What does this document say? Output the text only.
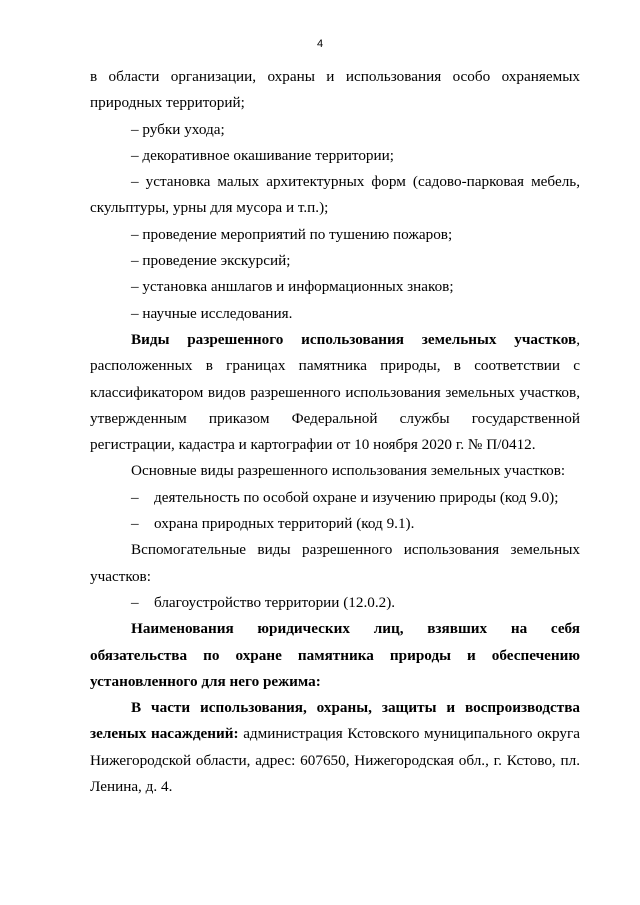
4

в области организации, охраны и использования особо охраняемых природных территорий;

– рубки ухода;

– декоративное окашивание территории;

– установка малых архитектурных форм (садово-парковая мебель, скульптуры, урны для мусора и т.п.);

– проведение мероприятий по тушению пожаров;

– проведение экскурсий;

– установка аншлагов и информационных знаков;

– научные исследования.

Виды разрешенного использования земельных участков, расположенных в границах памятника природы, в соответствии с классификатором видов разрешенного использования земельных участков, утвержденным приказом Федеральной службы государственной регистрации, кадастра и картографии от 10 ноября 2020 г. № П/0412.

Основные виды разрешенного использования земельных участков:

– деятельность по особой охране и изучению природы (код 9.0);

– охрана природных территорий (код 9.1).

Вспомогательные виды разрешенного использования земельных участков:

– благоустройство территории (12.0.2).

Наименования юридических лиц, взявших на себя обязательства по охране памятника природы и обеспечению установленного для него режима:

В части использования, охраны, защиты и воспроизводства зеленых насаждений: администрация Кстовского муниципального округа Нижегородской области, адрес: 607650, Нижегородская обл., г. Кстово, пл. Ленина, д. 4.
